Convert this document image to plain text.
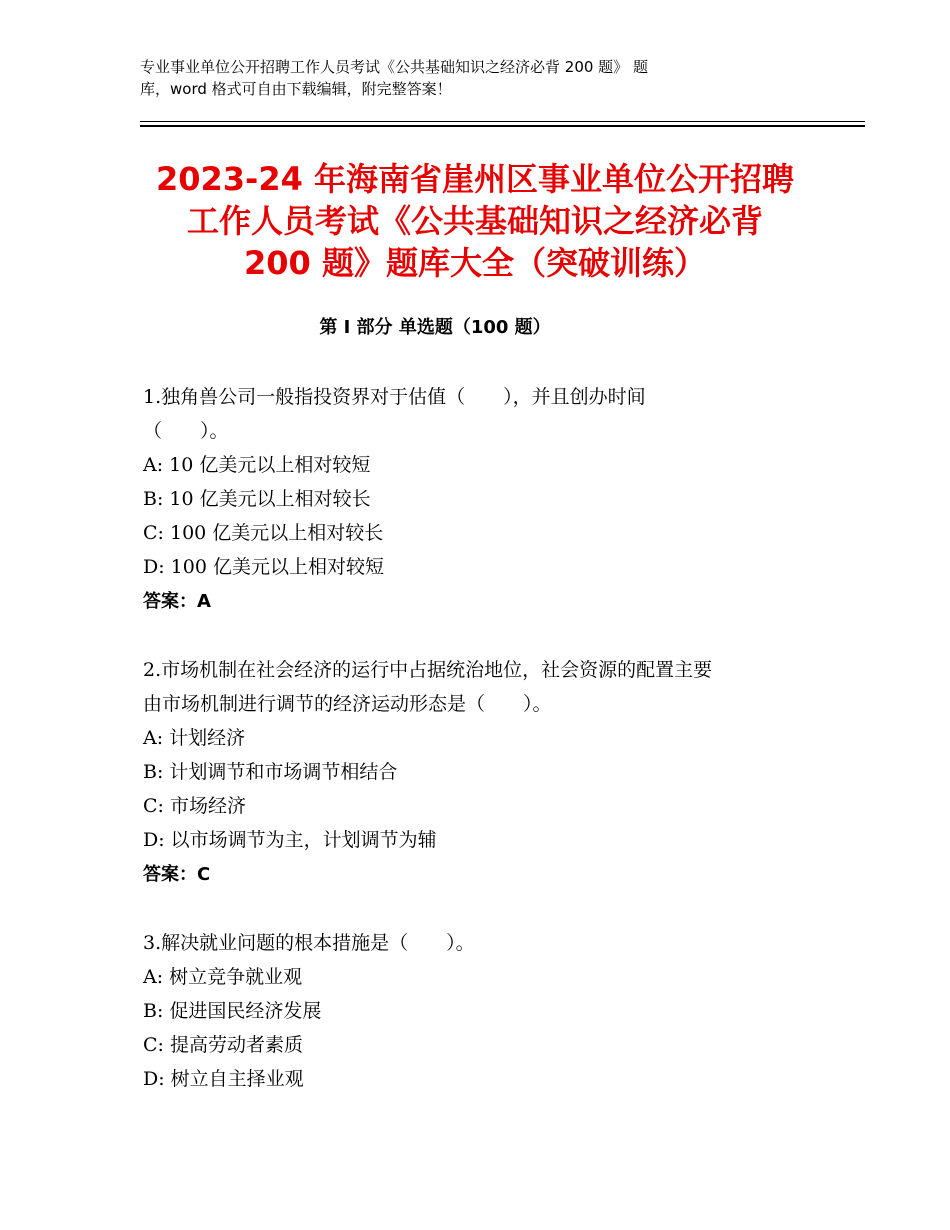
专业事业单位公开招聘工作人员考试《公共基础知识之经济必背 200 题》 题
库，word 格式可自由下载编辑，附完整答案！
2023-24 年海南省崖州区事业单位公开招聘
工作人员考试《公共基础知识之经济必背
200 题》题库大全（突破训练）
第 I 部分 单选题（100 题）
1.独角兽公司一般指投资界对于估值（　　），并且创办时间
（　　）。
A: 10 亿美元以上相对较短
B: 10 亿美元以上相对较长
C: 100 亿美元以上相对较长
D: 100 亿美元以上相对较短
答案：A
2.市场机制在社会经济的运行中占据统治地位，社会资源的配置主要
由市场机制进行调节的经济运动形态是（　　）。
A: 计划经济
B: 计划调节和市场调节相结合
C: 市场经济
D: 以市场调节为主，计划调节为辅
答案：C
3.解决就业问题的根本措施是（　　）。
A: 树立竞争就业观
B: 促进国民经济发展
C: 提高劳动者素质
D: 树立自主择业观
